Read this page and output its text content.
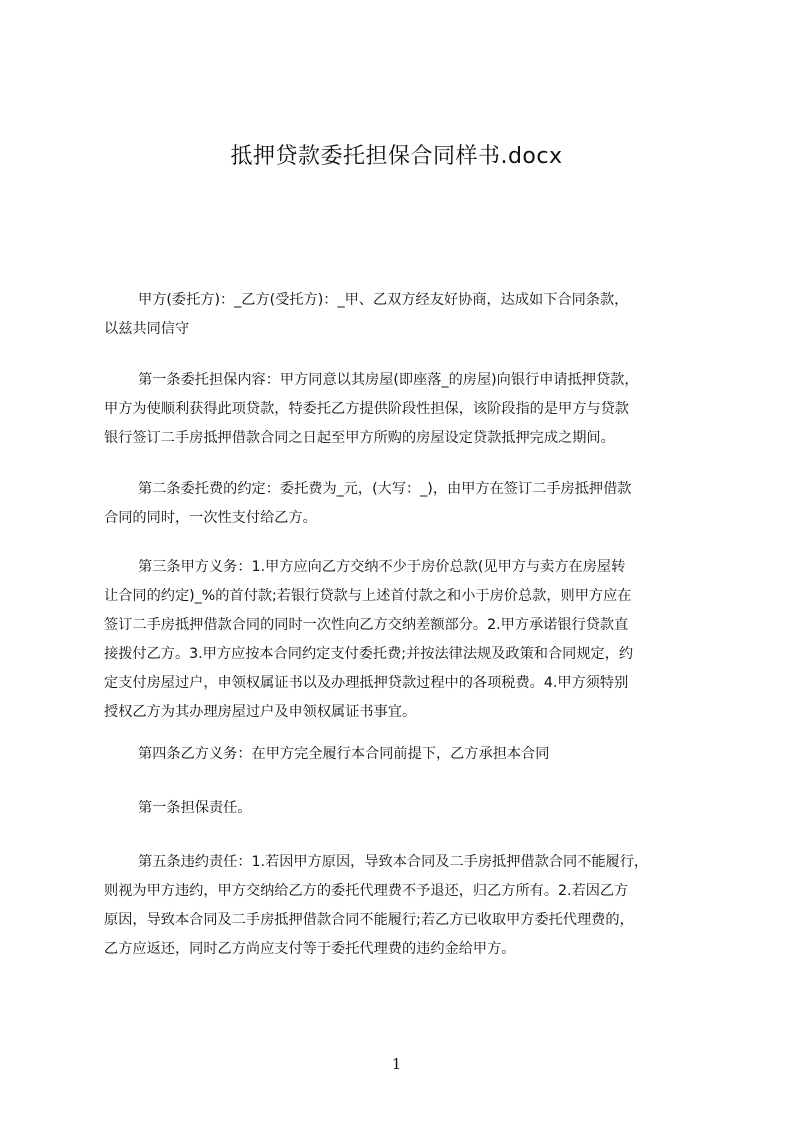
抵押贷款委托担保合同样书.docx
甲方(委托方)：_乙方(受托方)：_甲、乙双方经友好协商，达成如下合同条款，
以兹共同信守
第一条委托担保内容：甲方同意以其房屋(即座落_的房屋)向银行申请抵押贷款，
甲方为使顺利获得此项贷款，特委托乙方提供阶段性担保，该阶段指的是甲方与贷款
银行签订二手房抵押借款合同之日起至甲方所购的房屋设定贷款抵押完成之期间。
第二条委托费的约定：委托费为_元，(大写：_)，由甲方在签订二手房抵押借款
合同的同时，一次性支付给乙方。
第三条甲方义务：1.甲方应向乙方交纳不少于房价总款(见甲方与卖方在房屋转
让合同的约定)_%的首付款;若银行贷款与上述首付款之和小于房价总款，则甲方应在
签订二手房抵押借款合同的同时一次性向乙方交纳差额部分。2.甲方承诺银行贷款直
接拨付乙方。3.甲方应按本合同约定支付委托费;并按法律法规及政策和合同规定，约
定支付房屋过户，申领权属证书以及办理抵押贷款过程中的各项税费。4.甲方须特别
授权乙方为其办理房屋过户及申领权属证书事宜。
第四条乙方义务：在甲方完全履行本合同前提下，乙方承担本合同
第一条担保责任。
第五条违约责任：1.若因甲方原因，导致本合同及二手房抵押借款合同不能履行，
则视为甲方违约，甲方交纳给乙方的委托代理费不予退还，归乙方所有。2.若因乙方
原因，导致本合同及二手房抵押借款合同不能履行;若乙方已收取甲方委托代理费的，
乙方应返还，同时乙方尚应支付等于委托代理费的违约金给甲方。
1
